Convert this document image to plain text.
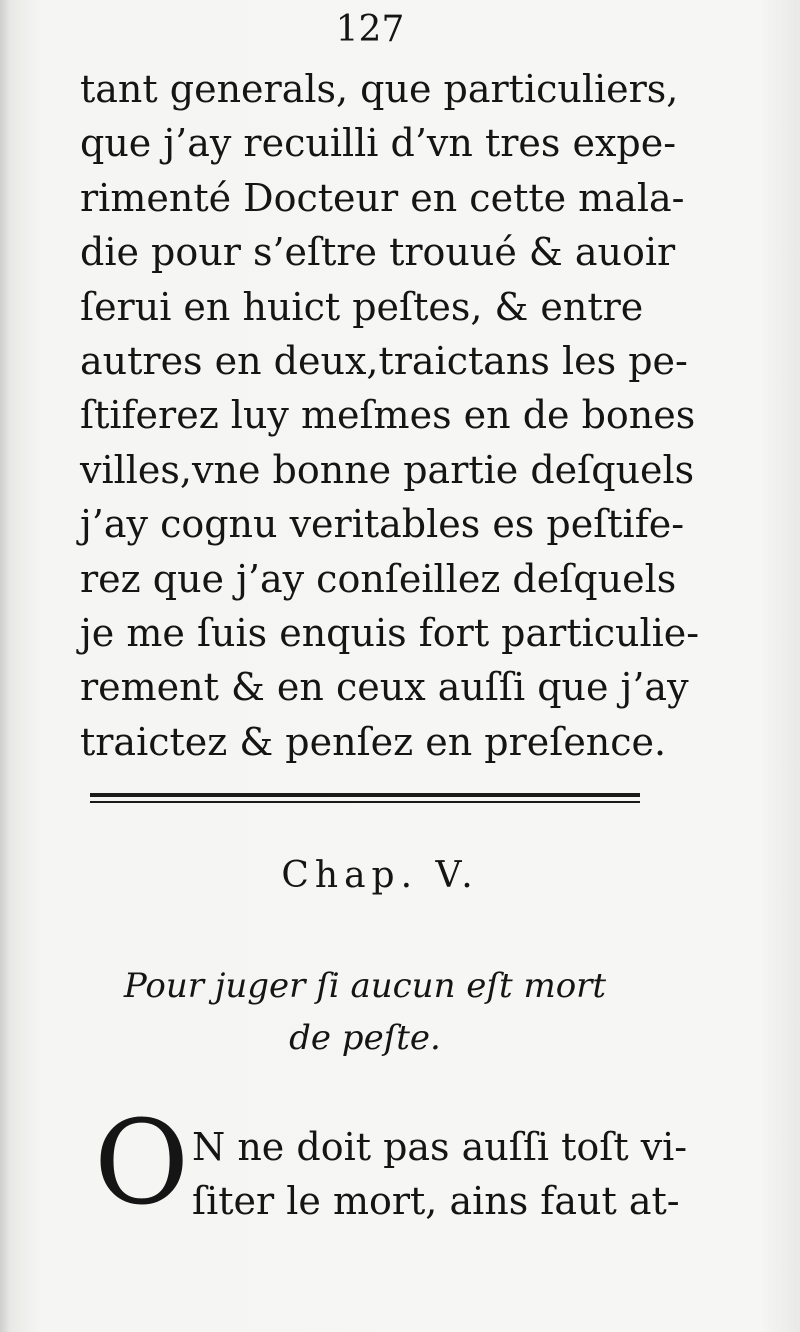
127
tant generals, que particuliers,
que j’ay recuilli d’vn tres expe-
rimenté Docteur en cette mala-
die pour s’eſtre trouué & auoir
ſerui en huict peſtes, & entre
autres en deux,traictans les pe-
ſtiferez luy meſmes en de bones
villes,vne bonne partie deſquels
j’ay cognu veritables es peſtife-
rez que j’ay conſeillez deſquels
je me ſuis enquis fort particulie-
rement & en ceux auſſi que j’ay
traictez & penſez en preſence.
Chap. V.
Pour juger ſi aucun eſt mort
de peſte.
O N ne doit pas auſſi toſt vi-
ſiter le mort, ains faut at-
